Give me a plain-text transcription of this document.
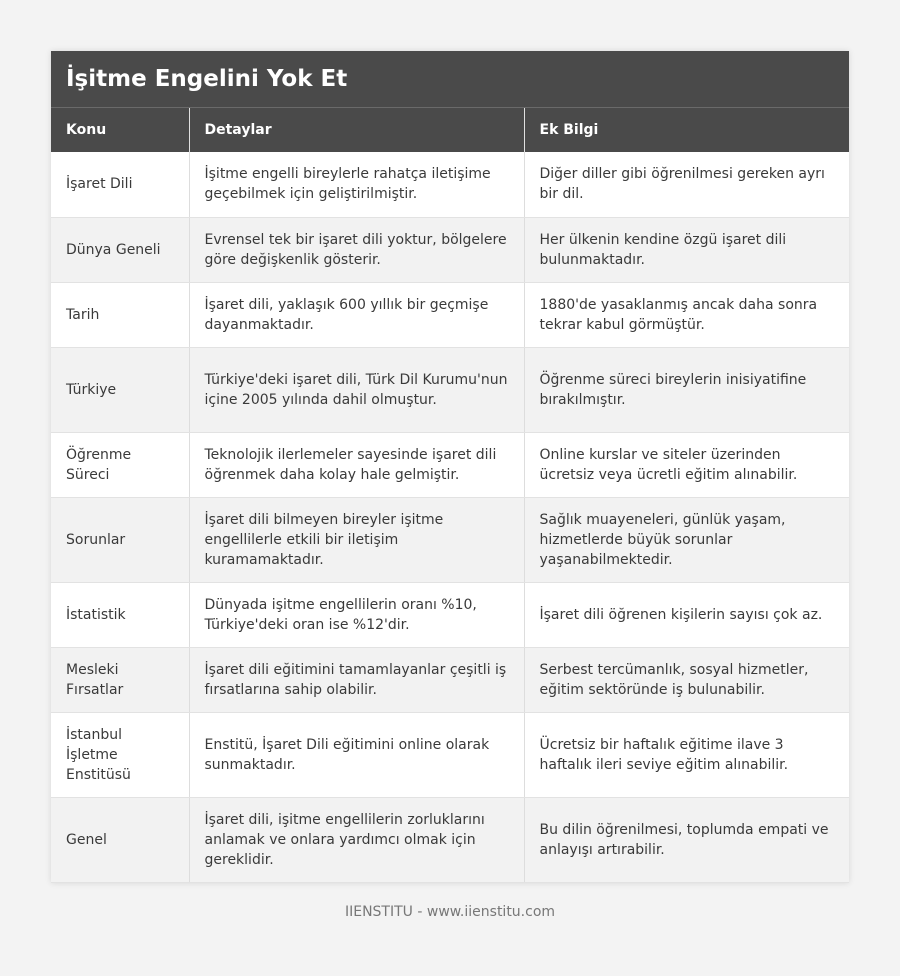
İşitme Engelini Yok Et
Konu	Detaylar	Ek Bilgi
İşaret Dili	İşitme engelli bireylerle rahatça iletişime geçebilmek için geliştirilmiştir.	Diğer diller gibi öğrenilmesi gereken ayrı bir dil.
Dünya Geneli	Evrensel tek bir işaret dili yoktur, bölgelere göre değişkenlik gösterir.	Her ülkenin kendine özgü işaret dili bulunmaktadır.
Tarih	İşaret dili, yaklaşık 600 yıllık bir geçmişe dayanmaktadır.	1880'de yasaklanmış ancak daha sonra tekrar kabul görmüştür.
Türkiye	Türkiye'deki işaret dili, Türk Dil Kurumu'nun içine 2005 yılında dahil olmuştur.	Öğrenme süreci bireylerin inisiyatifine bırakılmıştır.
Öğrenme Süreci	Teknolojik ilerlemeler sayesinde işaret dili öğrenmek daha kolay hale gelmiştir.	Online kurslar ve siteler üzerinden ücretsiz veya ücretli eğitim alınabilir.
Sorunlar	İşaret dili bilmeyen bireyler işitme engellilerle etkili bir iletişim kuramamaktadır.	Sağlık muayeneleri, günlük yaşam, hizmetlerde büyük sorunlar yaşanabilmektedir.
İstatistik	Dünyada işitme engellilerin oranı %10, Türkiye'deki oran ise %12'dir.	İşaret dili öğrenen kişilerin sayısı çok az.
Mesleki Fırsatlar	İşaret dili eğitimini tamamlayanlar çeşitli iş fırsatlarına sahip olabilir.	Serbest tercümanlık, sosyal hizmetler, eğitim sektöründe iş bulunabilir.
İstanbul İşletme Enstitüsü	Enstitü, İşaret Dili eğitimini online olarak sunmaktadır.	Ücretsiz bir haftalık eğitime ilave 3 haftalık ileri seviye eğitim alınabilir.
Genel	İşaret dili, işitme engellilerin zorluklarını anlamak ve onlara yardımcı olmak için gereklidir.	Bu dilin öğrenilmesi, toplumda empati ve anlayışı artırabilir.
IIENSTITU - www.iienstitu.com
